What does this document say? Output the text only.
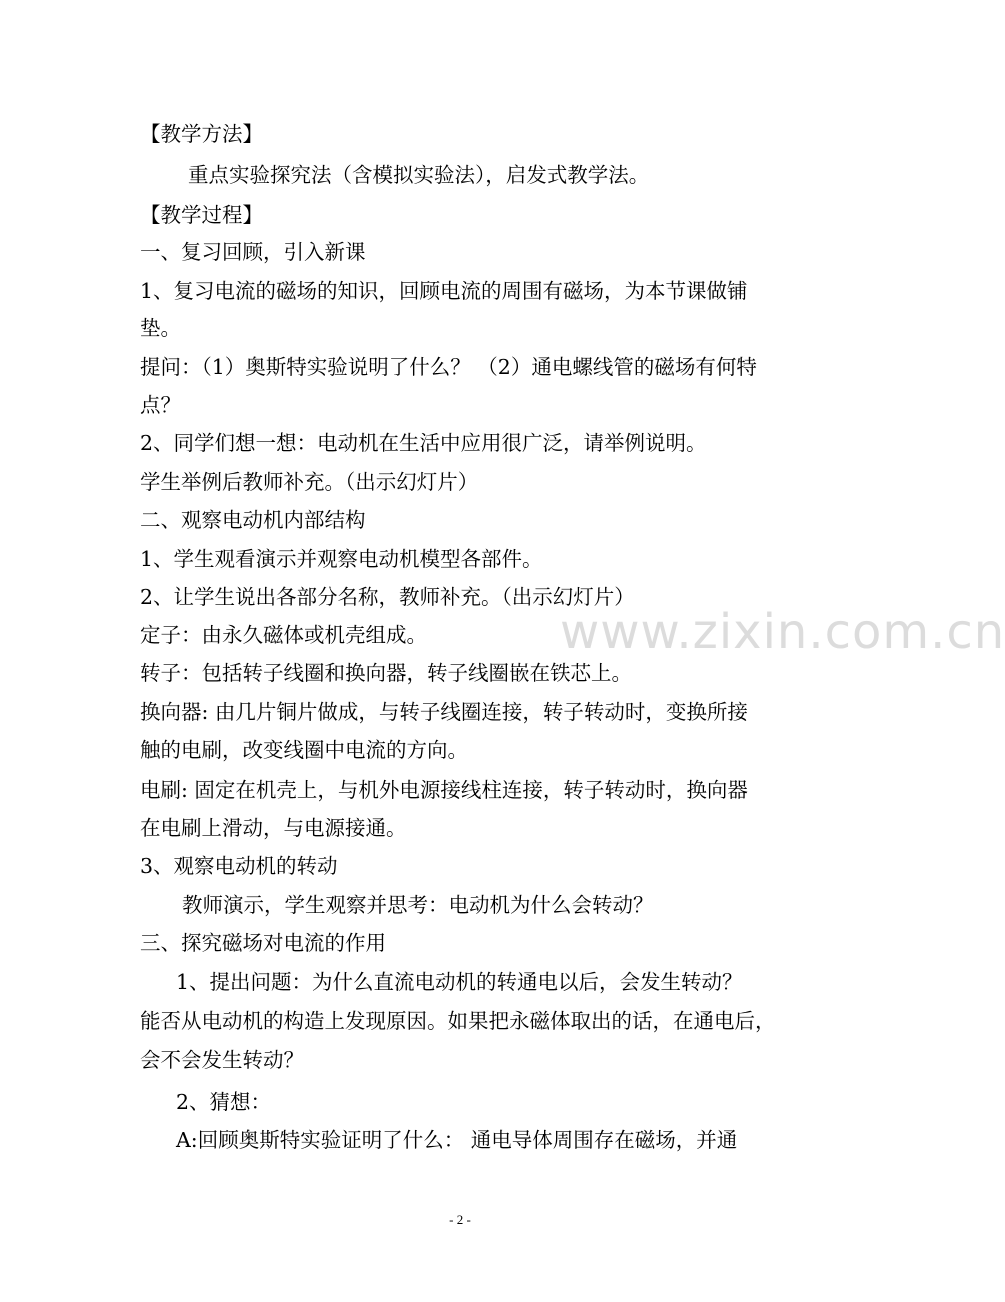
www.zixin.com.cn
【教学方法】
重点实验探究法（含模拟实验法），启发式教学法。
【教学过程】
一、复习回顾，引入新课
1、复习电流的磁场的知识，回顾电流的周围有磁场，为本节课做铺
垫。
提问：（1）奥斯特实验说明了什么？ （2）通电螺线管的磁场有何特
点？
2、同学们想一想：电动机在生活中应用很广泛，请举例说明。
学生举例后教师补充。（出示幻灯片）
二、观察电动机内部结构
1、学生观看演示并观察电动机模型各部件。
2、让学生说出各部分名称，教师补充。（出示幻灯片）
定子：由永久磁体或机壳组成。
转子：包括转子线圈和换向器，转子线圈嵌在铁芯上。
换向器: 由几片铜片做成，与转子线圈连接，转子转动时，变换所接
触的电刷，改变线圈中电流的方向。
电刷: 固定在机壳上，与机外电源接线柱连接，转子转动时，换向器
在电刷上滑动，与电源接通。
3、观察电动机的转动
教师演示，学生观察并思考：电动机为什么会转动？
三、探究磁场对电流的作用
1、提出问题：为什么直流电动机的转通电以后，会发生转动？
能否从电动机的构造上发现原因。如果把永磁体取出的话，在通电后，
会不会发生转动？
2、猜想：
A:回顾奥斯特实验证明了什么： 通电导体周围存在磁场，并通
- 2 -
